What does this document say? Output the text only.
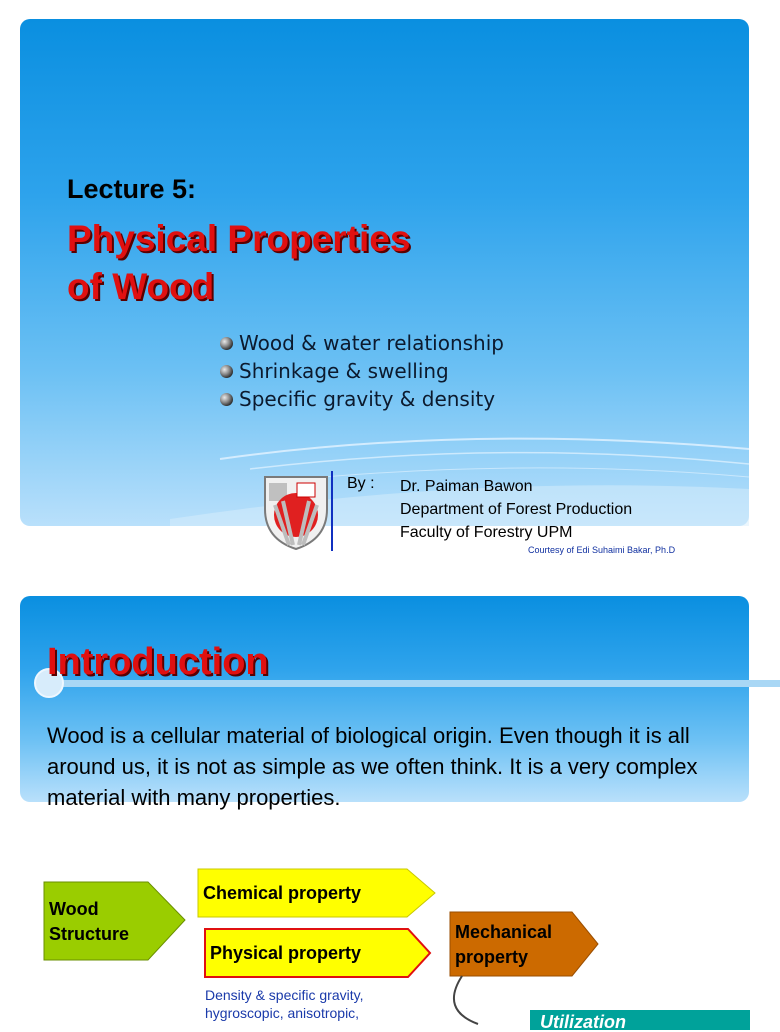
Lecture 5:
Physical Properties
of Wood
Wood & water relationship
Shrinkage & swelling
Specific gravity & density
By : Dr. Paiman Bawon
Department of Forest Production
Faculty of Forestry UPM
Courtesy of Edi Suhaimi Bakar, Ph.D
Introduction
Wood is a cellular material of biological origin. Even though it is all around us, it is not as simple as we often think. It is a very complex material with many properties.
Wood
Structure
Chemical property
Physical property
Mechanical
property
Density & specific gravity,
hygroscopic, anisotropic,	Utilization
